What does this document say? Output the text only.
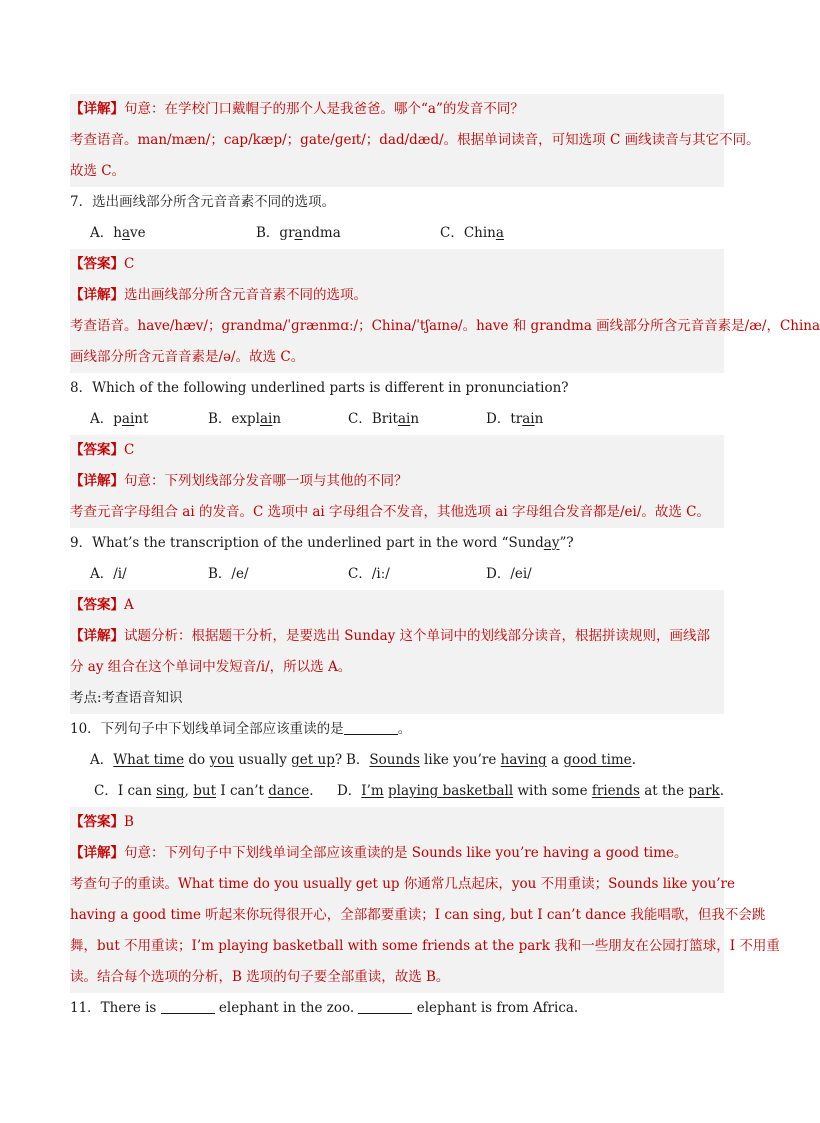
【详解】句意：在学校门口戴帽子的那个人是我爸爸。哪个“a”的发音不同？
考查语音。man/mæn/；cap/kæp/；gate/ɡeɪt/；dad/dæd/。根据单词读音，可知选项 C 画线读音与其它不同。
故选 C。
7．选出画线部分所含元音音素不同的选项。
A．have	B．grandma	C．China
【答案】C
【详解】选出画线部分所含元音音素不同的选项。
考查语音。have/hæv/；grandma/ˈɡrænmɑː/；China/ˈtʃaɪnə/。have 和 grandma 画线部分所含元音音素是/æ/，China
画线部分所含元音音素是/ə/。故选 C。
8．Which of the following underlined parts is different in pronunciation?
A．paint	B．explain	C．Britain	D．train
【答案】C
【详解】句意：下列划线部分发音哪一项与其他的不同？
考查元音字母组合 ai 的发音。C 选项中 ai 字母组合不发音，其他选项 ai 字母组合发音都是/ei/。故选 C。
9．What’s the transcription of the underlined part in the word “Sunday”?
A．/i/	B．/e/	C．/iː/	D．/ei/
【答案】A
【详解】试题分析：根据题干分析，是要选出 Sunday 这个单词中的划线部分读音，根据拼读规则，画线部
分 ay 组合在这个单词中发短音/i/，所以选 A。
考点:考查语音知识
10．下列句子中下划线单词全部应该重读的是	。
A．What time do you usually get up? B．Sounds like you’re having a good time.
C．I can sing, but I can’t dance.	D．I’m playing basketball with some friends at the park.
【答案】B
【详解】句意：下列句子中下划线单词全部应该重读的是 Sounds like you’re having a good time。
考查句子的重读。What time do you usually get up 你通常几点起床，you 不用重读；Sounds like you’re
having a good time 听起来你玩得很开心，全部都要重读；I can sing, but I can’t dance 我能唱歌，但我不会跳
舞，but 不用重读；I’m playing basketball with some friends at the park 我和一些朋友在公园打篮球，I 不用重
读。结合每个选项的分析，B 选项的句子要全部重读，故选 B。
11．There is	elephant in the zoo.	elephant is from Africa.
